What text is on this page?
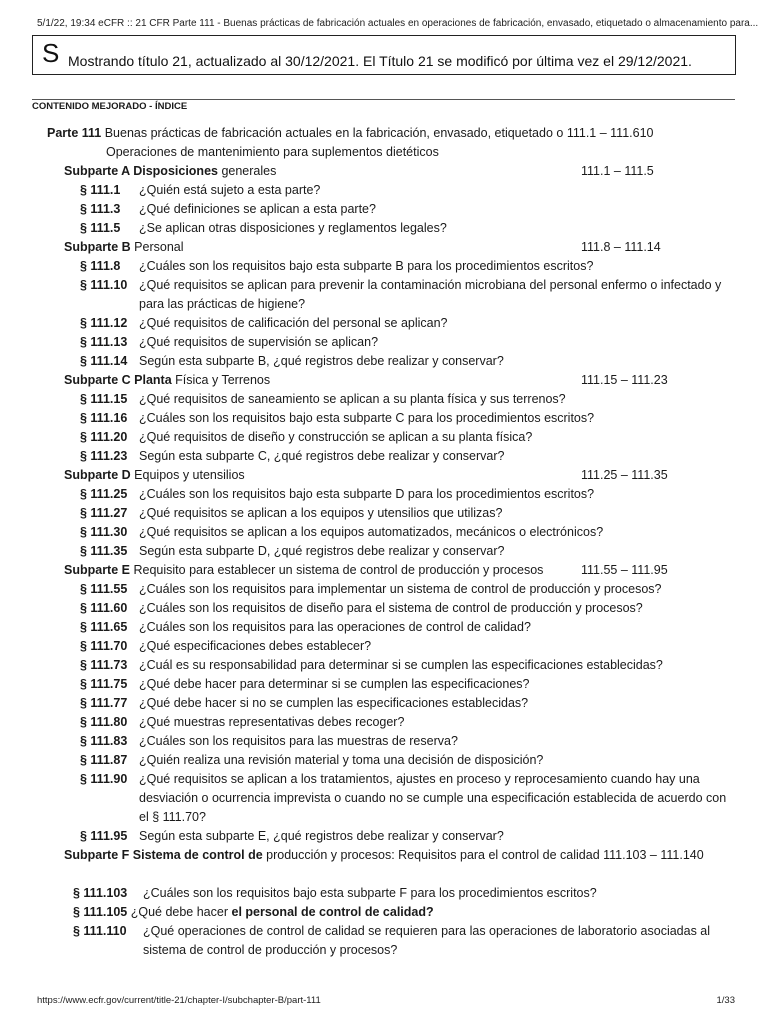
5/1/22, 19:34 eCFR :: 21 CFR Parte 111 - Buenas prácticas de fabricación actuales en operaciones de fabricación, envasado, etiquetado o almacenamiento para...
S Mostrando título 21, actualizado al 30/12/2021. El Título 21 se modificó por última vez el 29/12/2021.
CONTENIDO MEJORADO - ÍNDICE
Parte 111 Buenas prácticas de fabricación actuales en la fabricación, envasado, etiquetado o 111.1 – 111.610
Operaciones de mantenimiento para suplementos dietéticos
Subparte A Disposiciones generales	111.1 – 111.5
§ 111.1 ¿Quién está sujeto a esta parte?
§ 111.3 ¿Qué definiciones se aplican a esta parte?
§ 111.5 ¿Se aplican otras disposiciones y reglamentos legales?
Subparte B Personal	111.8 – 111.14
§ 111.8 ¿Cuáles son los requisitos bajo esta subparte B para los procedimientos escritos?
§ 111.10 ¿Qué requisitos se aplican para prevenir la contaminación microbiana del personal enfermo o infectado y
para las prácticas de higiene?
§ 111.12 ¿Qué requisitos de calificación del personal se aplican?
§ 111.13 ¿Qué requisitos de supervisión se aplican?
§ 111.14 Según esta subparte B, ¿qué registros debe realizar y conservar?
Subparte C Planta Física y Terrenos	111.15 – 111.23
§ 111.15 ¿Qué requisitos de saneamiento se aplican a su planta física y sus terrenos?
§ 111.16 ¿Cuáles son los requisitos bajo esta subparte C para los procedimientos escritos?
§ 111.20 ¿Qué requisitos de diseño y construcción se aplican a su planta física?
§ 111.23 Según esta subparte C, ¿qué registros debe realizar y conservar?
Subparte D Equipos y utensilios	111.25 – 111.35
§ 111.25 ¿Cuáles son los requisitos bajo esta subparte D para los procedimientos escritos?
§ 111.27 ¿Qué requisitos se aplican a los equipos y utensilios que utilizas?
§ 111.30 ¿Qué requisitos se aplican a los equipos automatizados, mecánicos o electrónicos?
§ 111.35 Según esta subparte D, ¿qué registros debe realizar y conservar?
Subparte E Requisito para establecer un sistema de control de producción y procesos	111.55 – 111.95
§ 111.55 ¿Cuáles son los requisitos para implementar un sistema de control de producción y procesos?
§ 111.60 ¿Cuáles son los requisitos de diseño para el sistema de control de producción y procesos?
§ 111.65 ¿Cuáles son los requisitos para las operaciones de control de calidad?
§ 111.70 ¿Qué especificaciones debes establecer?
§ 111.73 ¿Cuál es su responsabilidad para determinar si se cumplen las especificaciones establecidas?
§ 111.75 ¿Qué debe hacer para determinar si se cumplen las especificaciones?
§ 111.77 ¿Qué debe hacer si no se cumplen las especificaciones establecidas?
§ 111.80 ¿Qué muestras representativas debes recoger?
§ 111.83 ¿Cuáles son los requisitos para las muestras de reserva?
§ 111.87 ¿Quién realiza una revisión material y toma una decisión de disposición?
§ 111.90 ¿Qué requisitos se aplican a los tratamientos, ajustes en proceso y reprocesamiento cuando hay una
desviación o ocurrencia imprevista o cuando no se cumple una especificación establecida de acuerdo con
el § 111.70?
§ 111.95 Según esta subparte E, ¿qué registros debe realizar y conservar?
Subparte F Sistema de control de producción y procesos: Requisitos para el control de calidad 111.103 – 111.140
§ 111.103 ¿Cuáles son los requisitos bajo esta subparte F para los procedimientos escritos?
§ 111.105 ¿Qué debe hacer el personal de control de calidad?
§ 111.110 ¿Qué operaciones de control de calidad se requieren para las operaciones de laboratorio asociadas al
sistema de control de producción y procesos?
https://www.ecfr.gov/current/title-21/chapter-I/subchapter-B/part-111	1/33
